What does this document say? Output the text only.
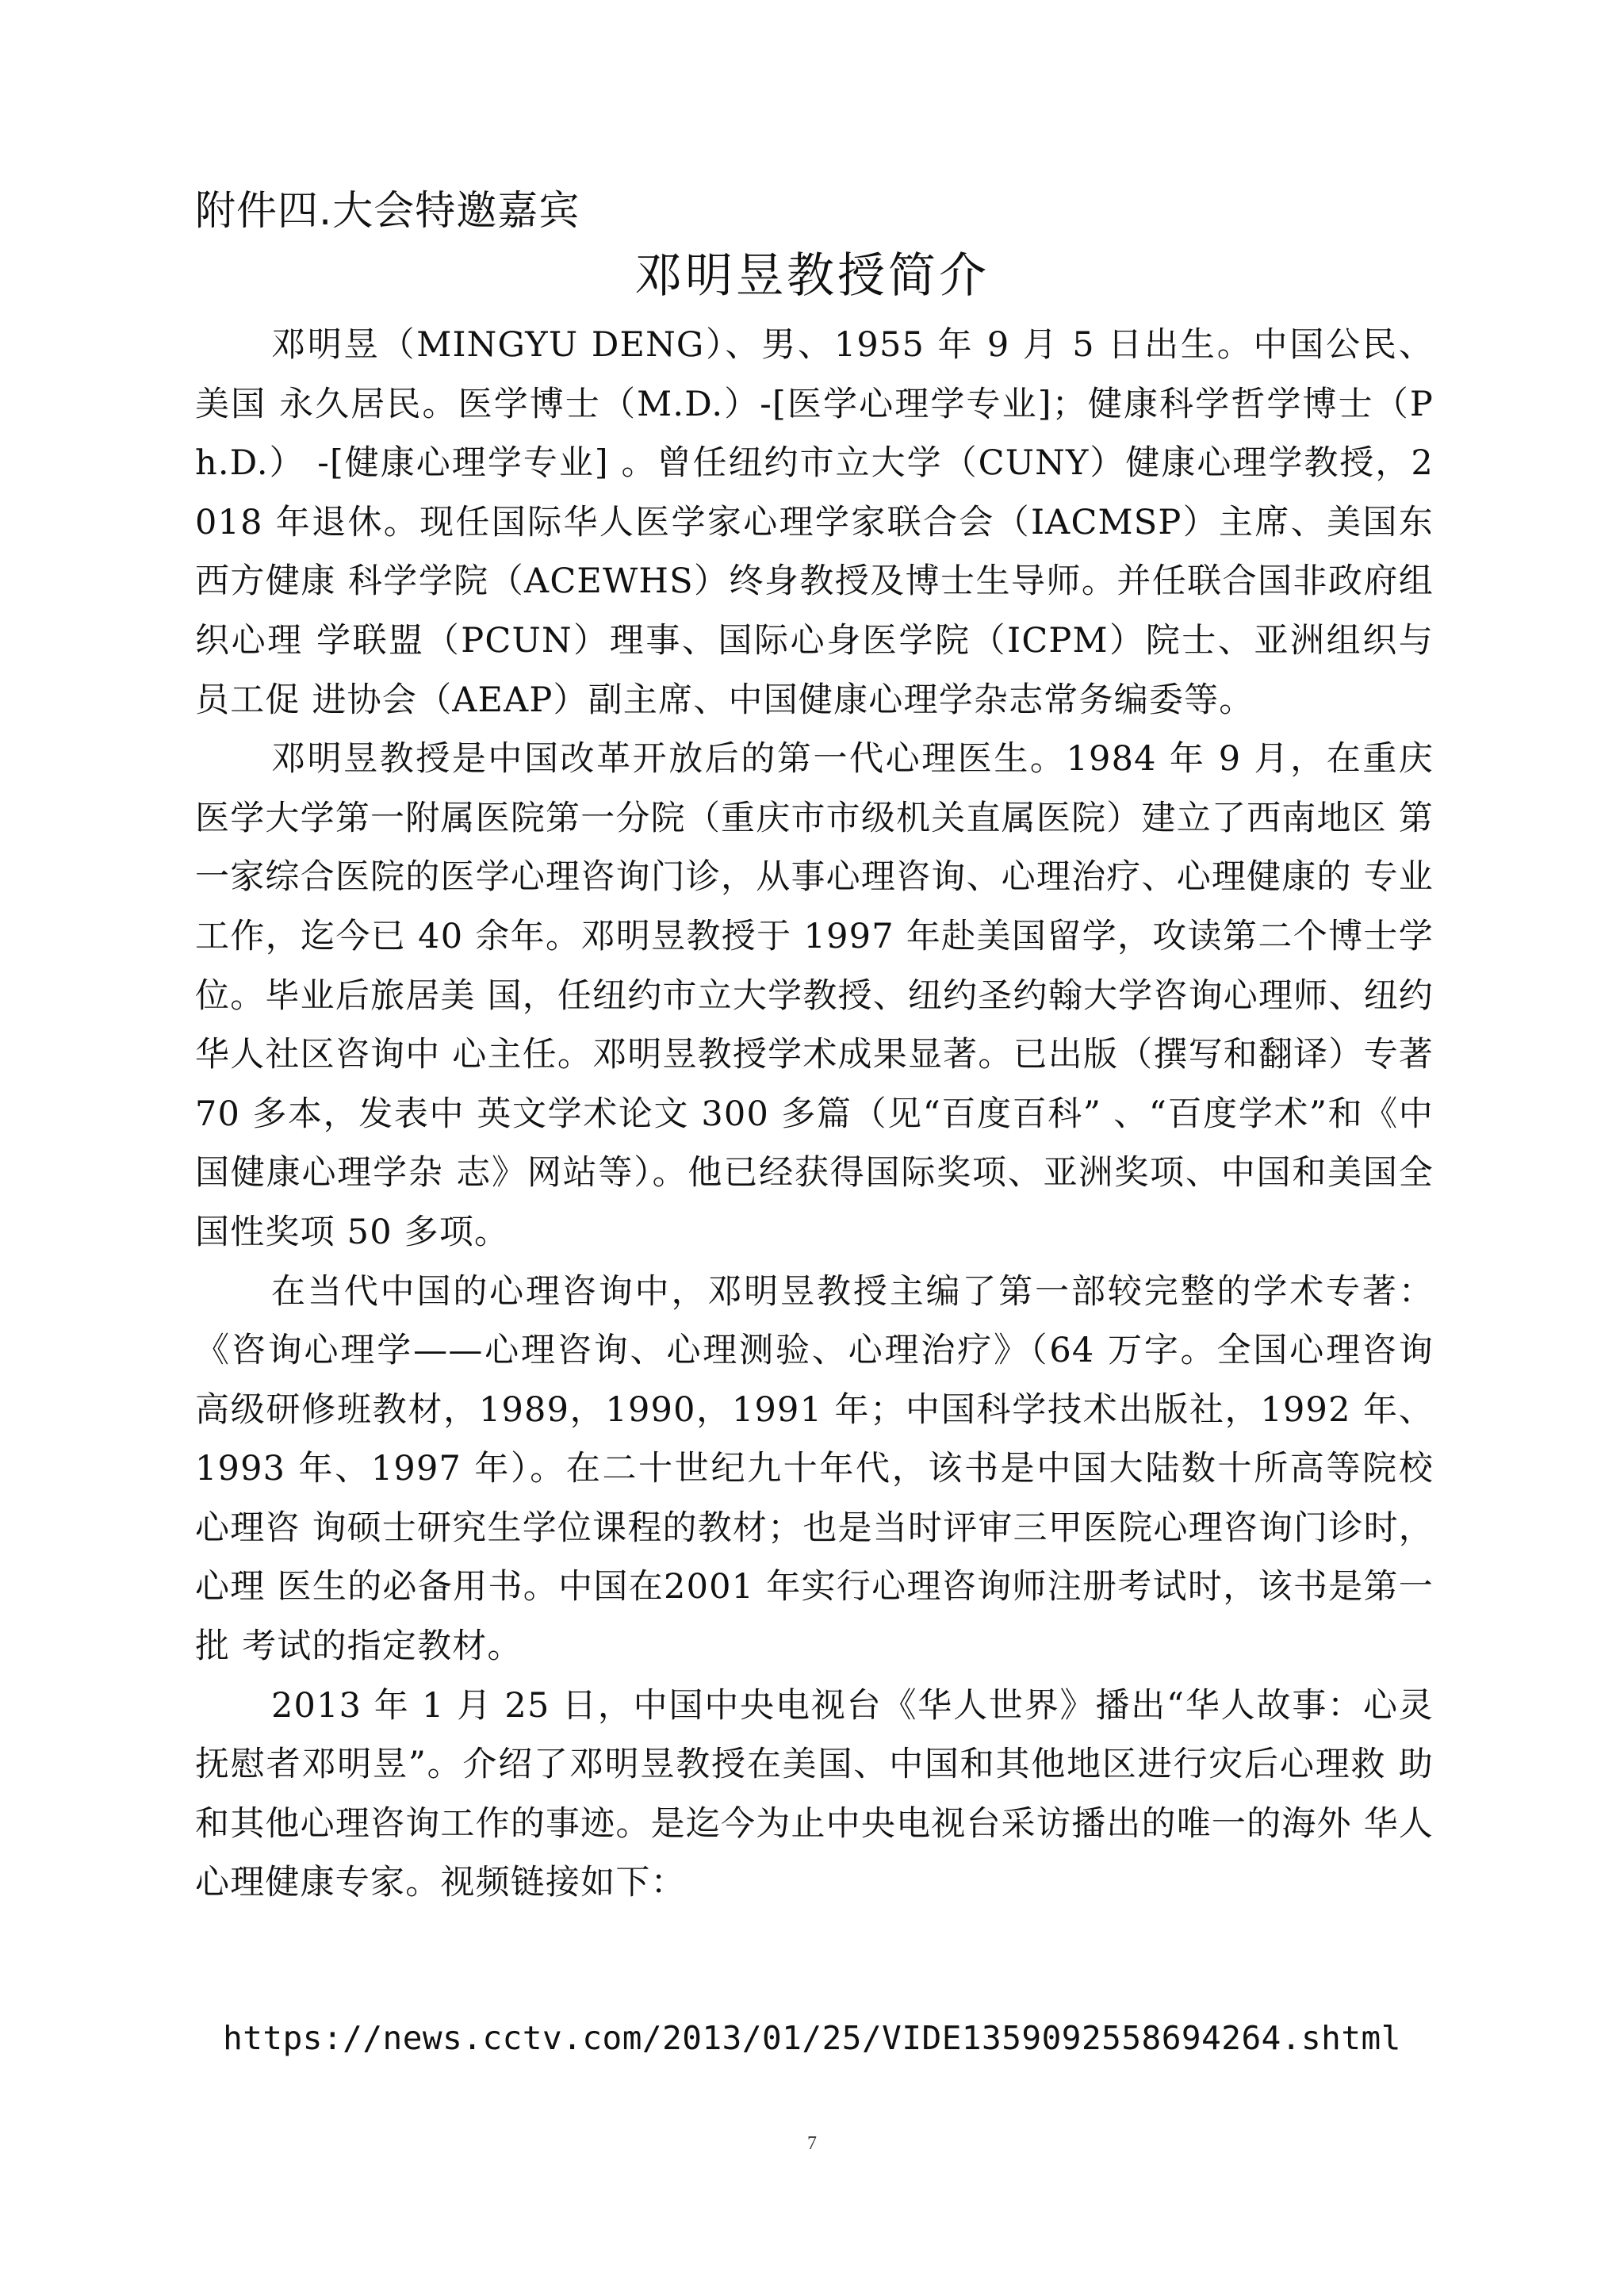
附件四.大会特邀嘉宾
邓明昱教授简介

邓明昱（MINGYU DENG）、男、1955 年 9 月 5 日出生。中国公民、美国 永久居民。医学博士（M.D.）-[医学心理学专业]；健康科学哲学博士（Ph.D.） -[健康心理学专业] 。曾任纽约市立大学（CUNY）健康心理学教授，2018 年退休。现任国际华人医学家心理学家联合会（IACMSP）主席、美国东西方健康 科学学院（ACEWHS）终身教授及博士生导师。并任联合国非政府组织心理 学联盟（PCUN）理事、国际心身医学院（ICPM）院士、亚洲组织与员工促 进协会（AEAP）副主席、中国健康心理学杂志常务编委等。

邓明昱教授是中国改革开放后的第一代心理医生。1984 年 9 月，在重庆 医学大学第一附属医院第一分院（重庆市市级机关直属医院）建立了西南地区 第一家综合医院的医学心理咨询门诊，从事心理咨询、心理治疗、心理健康的 专业工作，迄今已 40 余年。邓明昱教授于 1997 年赴美国留学，攻读第二个博士学位。毕业后旅居美 国，任纽约市立大学教授、纽约圣约翰大学咨询心理师、纽约华人社区咨询中 心主任。邓明昱教授学术成果显著。已出版（撰写和翻译）专著 70 多本，发表中 英文学术论文 300 多篇（见“百度百科” 、“百度学术”和《中国健康心理学杂 志》网站等）。他已经获得国际奖项、亚洲奖项、中国和美国全国性奖项 50 多项。

在当代中国的心理咨询中，邓明昱教授主编了第一部较完整的学术专著：《咨询心理学——心理咨询、心理测验、心理治疗》（64 万字。全国心理咨询 高级研修班教材，1989，1990，1991 年；中国科学技术出版社，1992 年、1993 年、1997 年）。在二十世纪九十年代，该书是中国大陆数十所高等院校心理咨 询硕士研究生学位课程的教材；也是当时评审三甲医院心理咨询门诊时，心理 医生的必备用书。中国在2001 年实行心理咨询师注册考试时，该书是第一批 考试的指定教材。

2013 年 1 月 25 日，中国中央电视台《华人世界》播出“华人故事：心灵 抚慰者邓明昱”。介绍了邓明昱教授在美国、中国和其他地区进行灾后心理救 助和其他心理咨询工作的事迹。是迄今为止中央电视台采访播出的唯一的海外 华人心理健康专家。视频链接如下：

https://news.cctv.com/2013/01/25/VIDE1359092558694264.shtml

7
